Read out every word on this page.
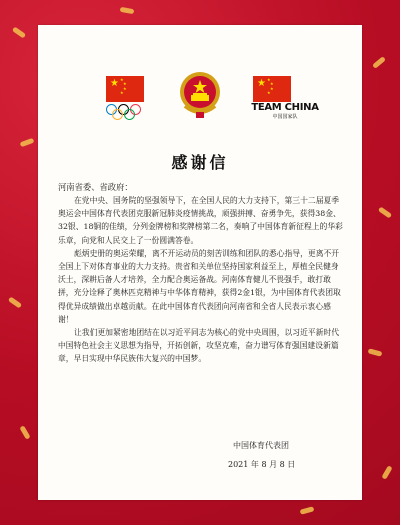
★ ★
★
★
★
★ ★
★
★
★
TEAM CHINA
中国国家队
感谢信
河南省委、省政府：

在党中央、国务院的坚强领导下，在全国人民的大力支持下，第三十二届夏季奥运会中国体育代表团克服新冠肺炎疫情挑战，顽强拼搏、奋勇争先，获得38金、32银、18铜的佳绩，分列金牌榜和奖牌榜第二名，奏响了中国体育新征程上的华彩乐章，向党和人民交上了一份圆满答卷。

彪炳史册的奥运荣耀，离不开运动员的刻苦训练和团队的悉心指导，更离不开全国上下对体育事业的大力支持。贵省和关单位坚持国家利益至上，厚植全民健身沃土，深耕后备人才培养，全力配合奥运备战。河南体育健儿不畏强手，敢打敢拼，充分诠释了奥林匹克精神与中华体育精神，获得2金1银，为中国体育代表团取得优异成绩做出卓越贡献。在此中国体育代表团向河南省和全省人民表示衷心感谢！

让我们更加紧密地团结在以习近平同志为核心的党中央周围，以习近平新时代中国特色社会主义思想为指导，开拓创新，攻坚克难，奋力谱写体育强国建设新篇章，早日实现中华民族伟大复兴的中国梦。

中国体育代表团
2021 年 8 月 8 日
